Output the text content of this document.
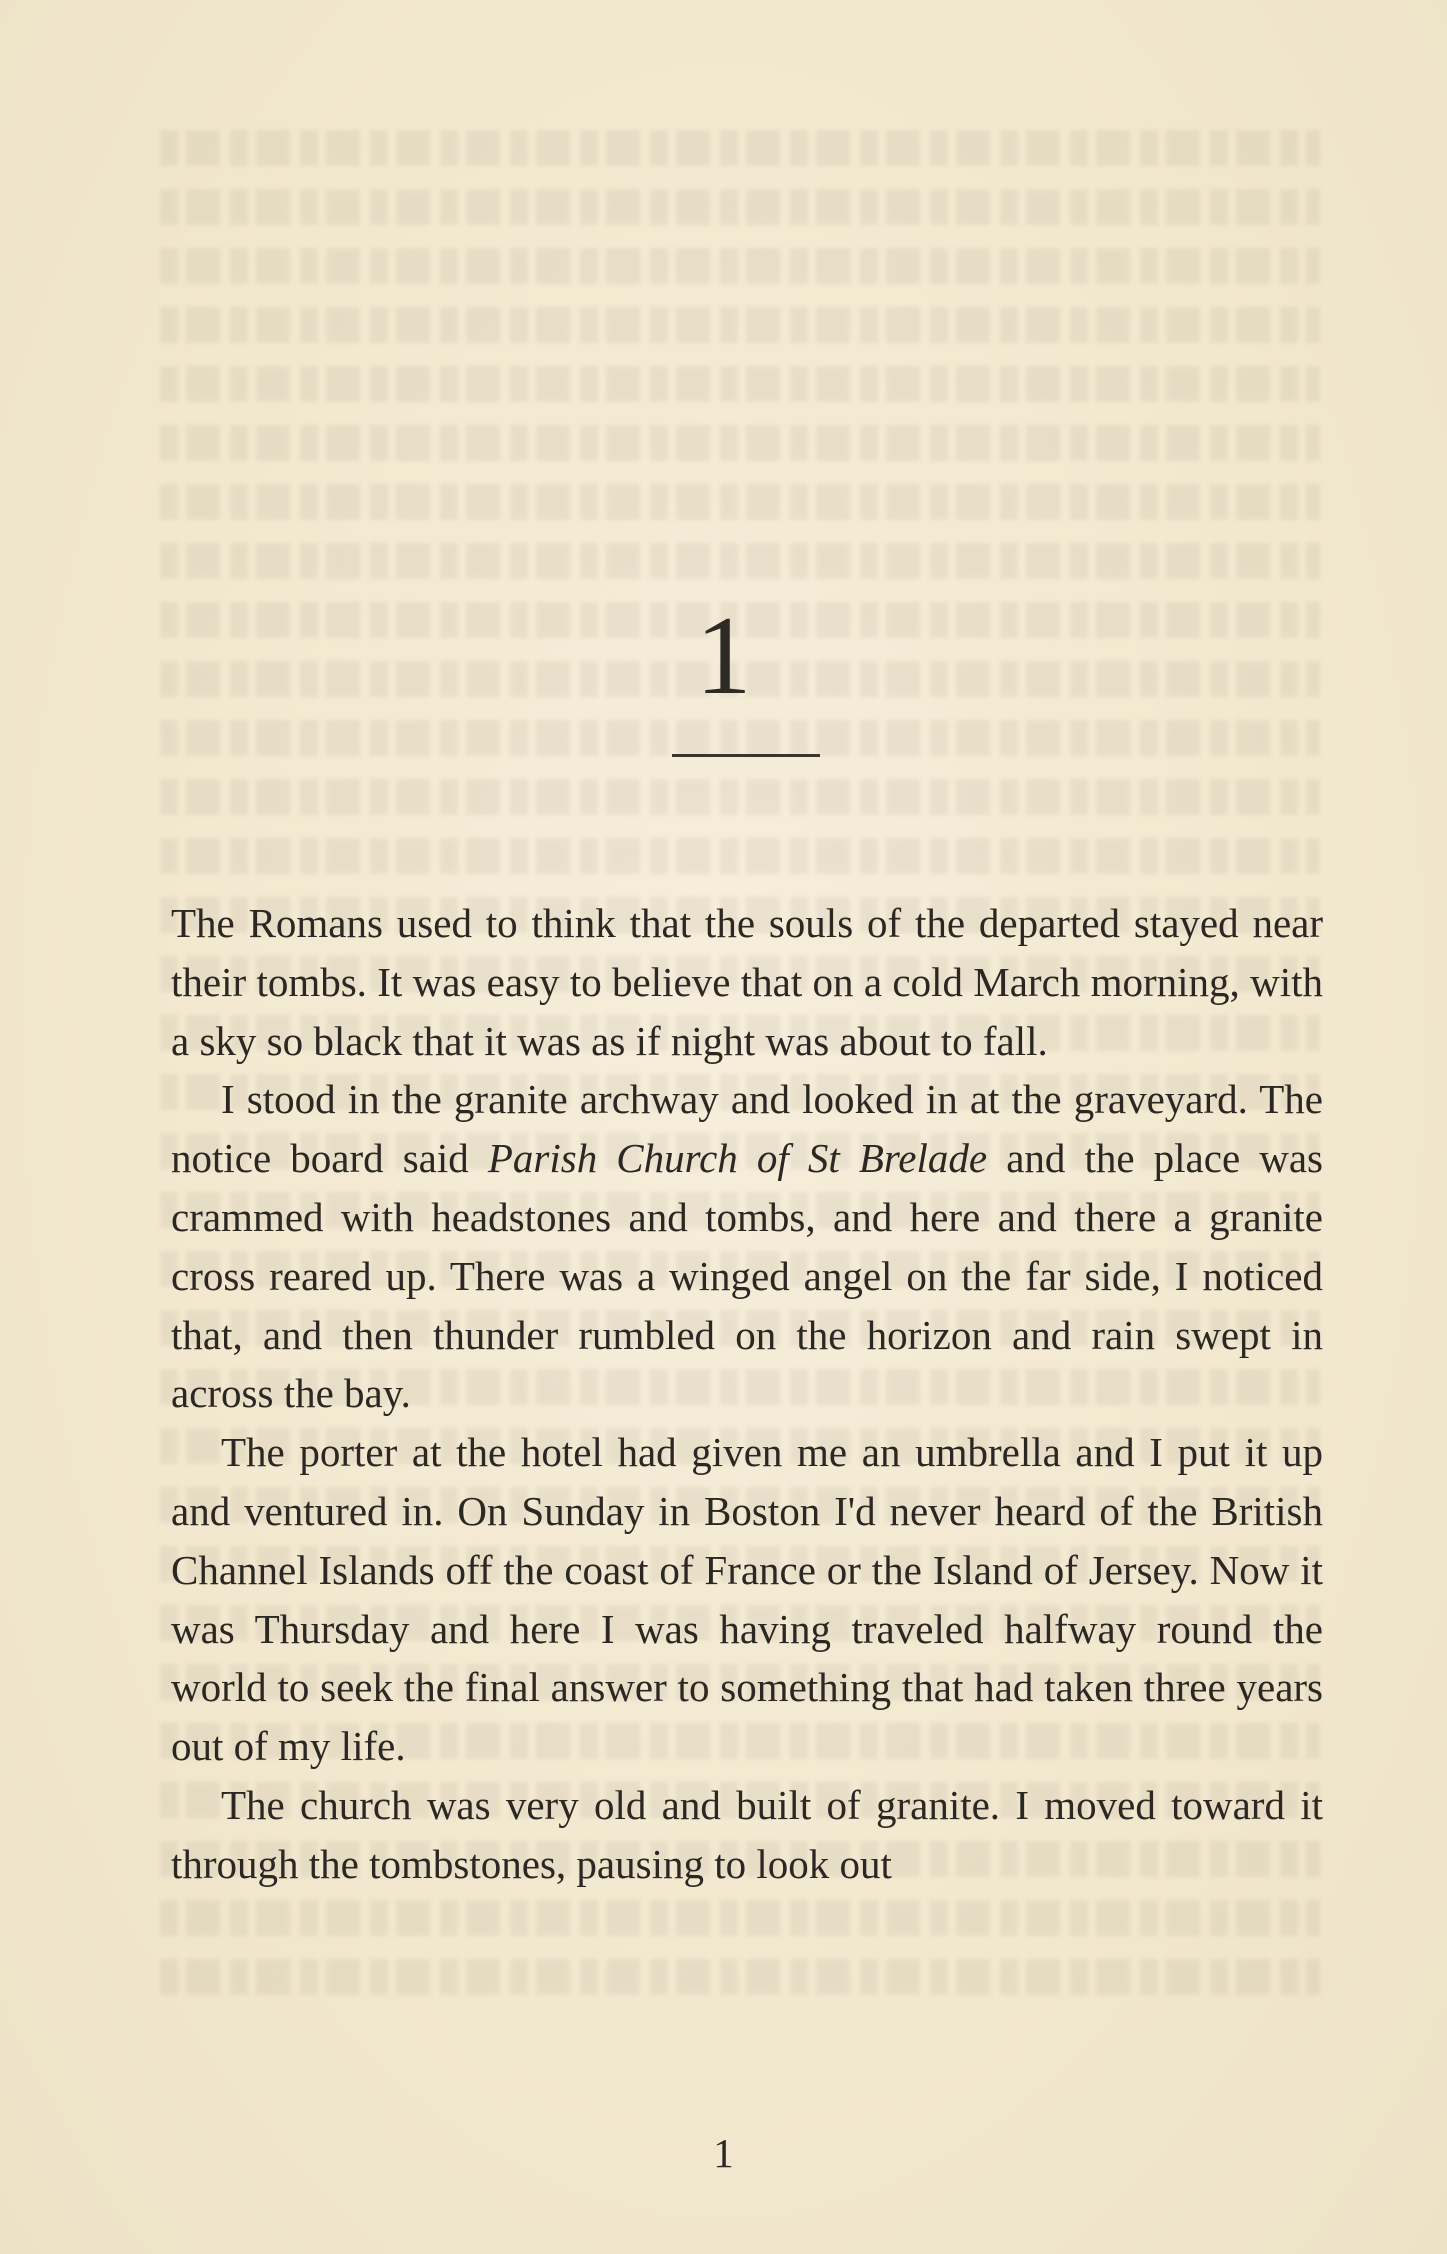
1

The Romans used to think that the souls of the departed stayed near their tombs. It was easy to believe that on a cold March morning, with a sky so black that it was as if night was about to fall.

I stood in the granite archway and looked in at the graveyard. The notice board said Parish Church of St Brelade and the place was crammed with headstones and tombs, and here and there a granite cross reared up. There was a winged angel on the far side, I noticed that, and then thunder rumbled on the horizon and rain swept in across the bay.

The porter at the hotel had given me an umbrella and I put it up and ventured in. On Sunday in Boston I'd never heard of the British Channel Islands off the coast of France or the Island of Jersey. Now it was Thursday and here I was having traveled halfway round the world to seek the final answer to something that had taken three years out of my life.

The church was very old and built of granite. I moved toward it through the tombstones, pausing to look out

1
